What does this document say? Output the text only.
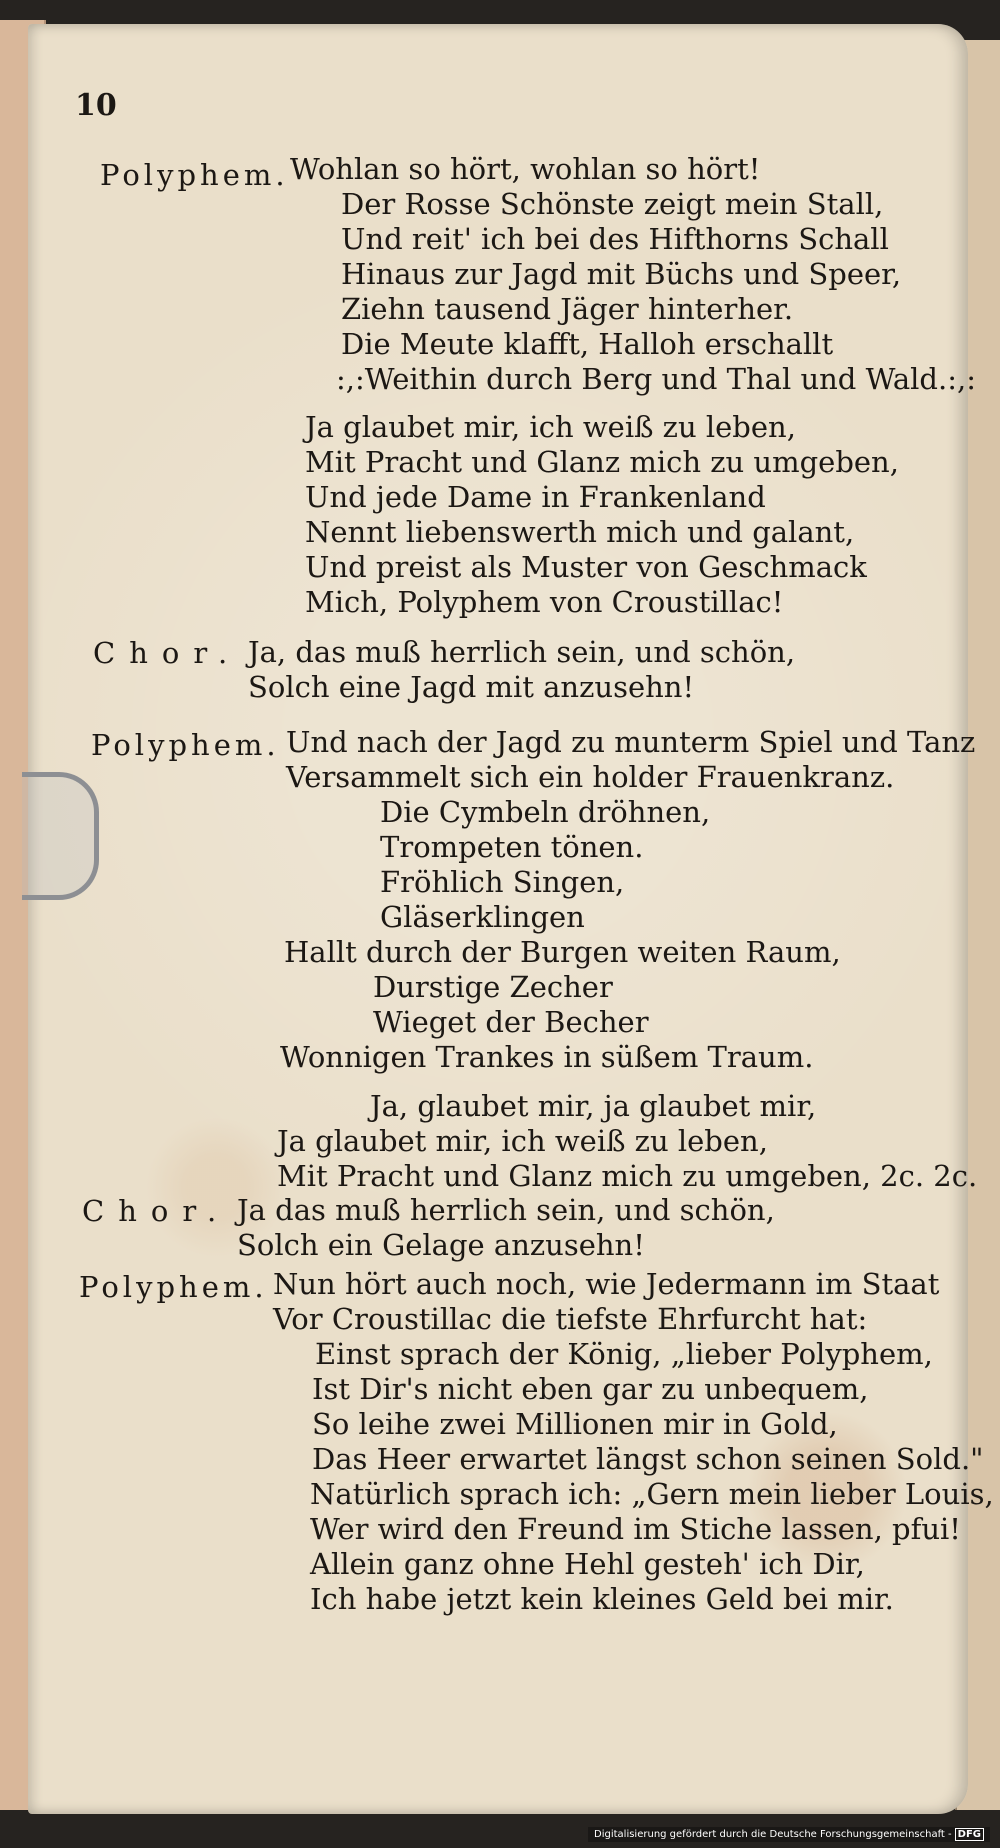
10
Polyphem.
Chor.
Polyphem.
Chor.
Polyphem.
Wohlan so hört, wohlan so hört!
Der Rosse Schönste zeigt mein Stall,
Und reit' ich bei des Hifthorns Schall
Hinaus zur Jagd mit Büchs und Speer,
Ziehn tausend Jäger hinterher.
Die Meute klafft, Halloh erschallt
:,:Weithin durch Berg und Thal und Wald.:,:
Ja glaubet mir, ich weiß zu leben,
Mit Pracht und Glanz mich zu umgeben,
Und jede Dame in Frankenland
Nennt liebenswerth mich und galant,
Und preist als Muster von Geschmack
Mich, Polyphem von Croustillac!
Ja, das muß herrlich sein, und schön,
Solch eine Jagd mit anzusehn!
Und nach der Jagd zu munterm Spiel und Tanz
Versammelt sich ein holder Frauenkranz.
Die Cymbeln dröhnen,
Trompeten tönen.
Fröhlich Singen,
Gläserklingen
Hallt durch der Burgen weiten Raum,
Durstige Zecher
Wieget der Becher
Wonnigen Trankes in süßem Traum.
Ja, glaubet mir, ja glaubet mir,
Ja glaubet mir, ich weiß zu leben,
Mit Pracht und Glanz mich zu umgeben, 2c. 2c.
Ja das muß herrlich sein, und schön,
Solch ein Gelage anzusehn!
Nun hört auch noch, wie Jedermann im Staat
Vor Croustillac die tiefste Ehrfurcht hat:
Einst sprach der König, „lieber Polyphem,
Ist Dir's nicht eben gar zu unbequem,
So leihe zwei Millionen mir in Gold,
Das Heer erwartet längst schon seinen Sold."
Natürlich sprach ich: „Gern mein lieber Louis,
Wer wird den Freund im Stiche lassen, pfui!
Allein ganz ohne Hehl gesteh' ich Dir,
Ich habe jetzt kein kleines Geld bei mir.
Digitalisierung gefördert durch die Deutsche Forschungsgemeinschaft - DFG
